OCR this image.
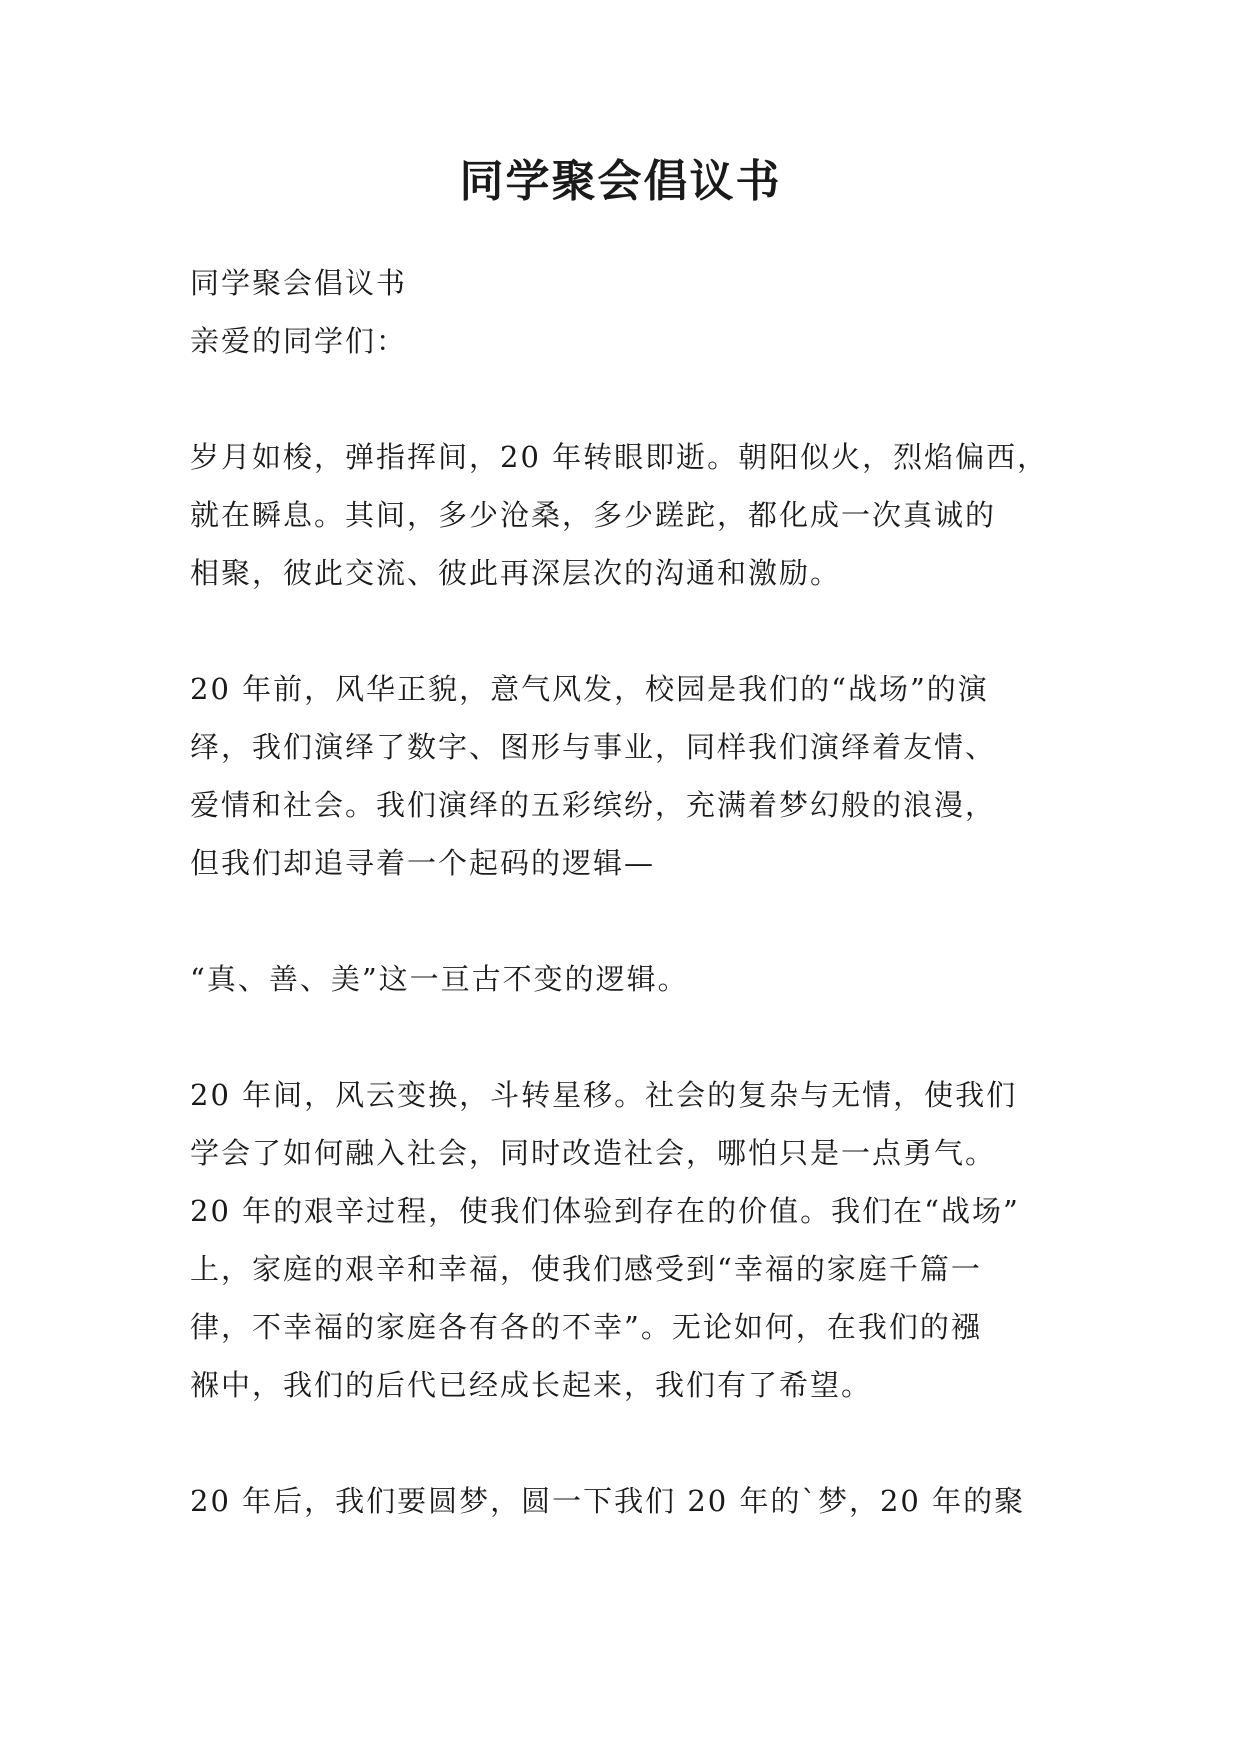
同学聚会倡议书
同学聚会倡议书
亲爱的同学们：
岁月如梭，弹指挥间，20 年转眼即逝。朝阳似火，烈焰偏西，
就在瞬息。其间，多少沧桑，多少蹉跎，都化成一次真诚的
相聚，彼此交流、彼此再深层次的沟通和激励。
20 年前，风华正貌，意气风发，校园是我们的“战场”的演
绎，我们演绎了数字、图形与事业，同样我们演绎着友情、
爱情和社会。我们演绎的五彩缤纷，充满着梦幻般的浪漫，
但我们却追寻着一个起码的逻辑—
“真、善、美”这一亘古不变的逻辑。
20 年间，风云变换，斗转星移。社会的复杂与无情，使我们
学会了如何融入社会，同时改造社会，哪怕只是一点勇气。
20 年的艰辛过程，使我们体验到存在的价值。我们在“战场”
上，家庭的艰辛和幸福，使我们感受到“幸福的家庭千篇一
律，不幸福的家庭各有各的不幸”。无论如何，在我们的襁
褓中，我们的后代已经成长起来，我们有了希望。
20 年后，我们要圆梦，圆一下我们 20 年的`梦，20 年的聚
